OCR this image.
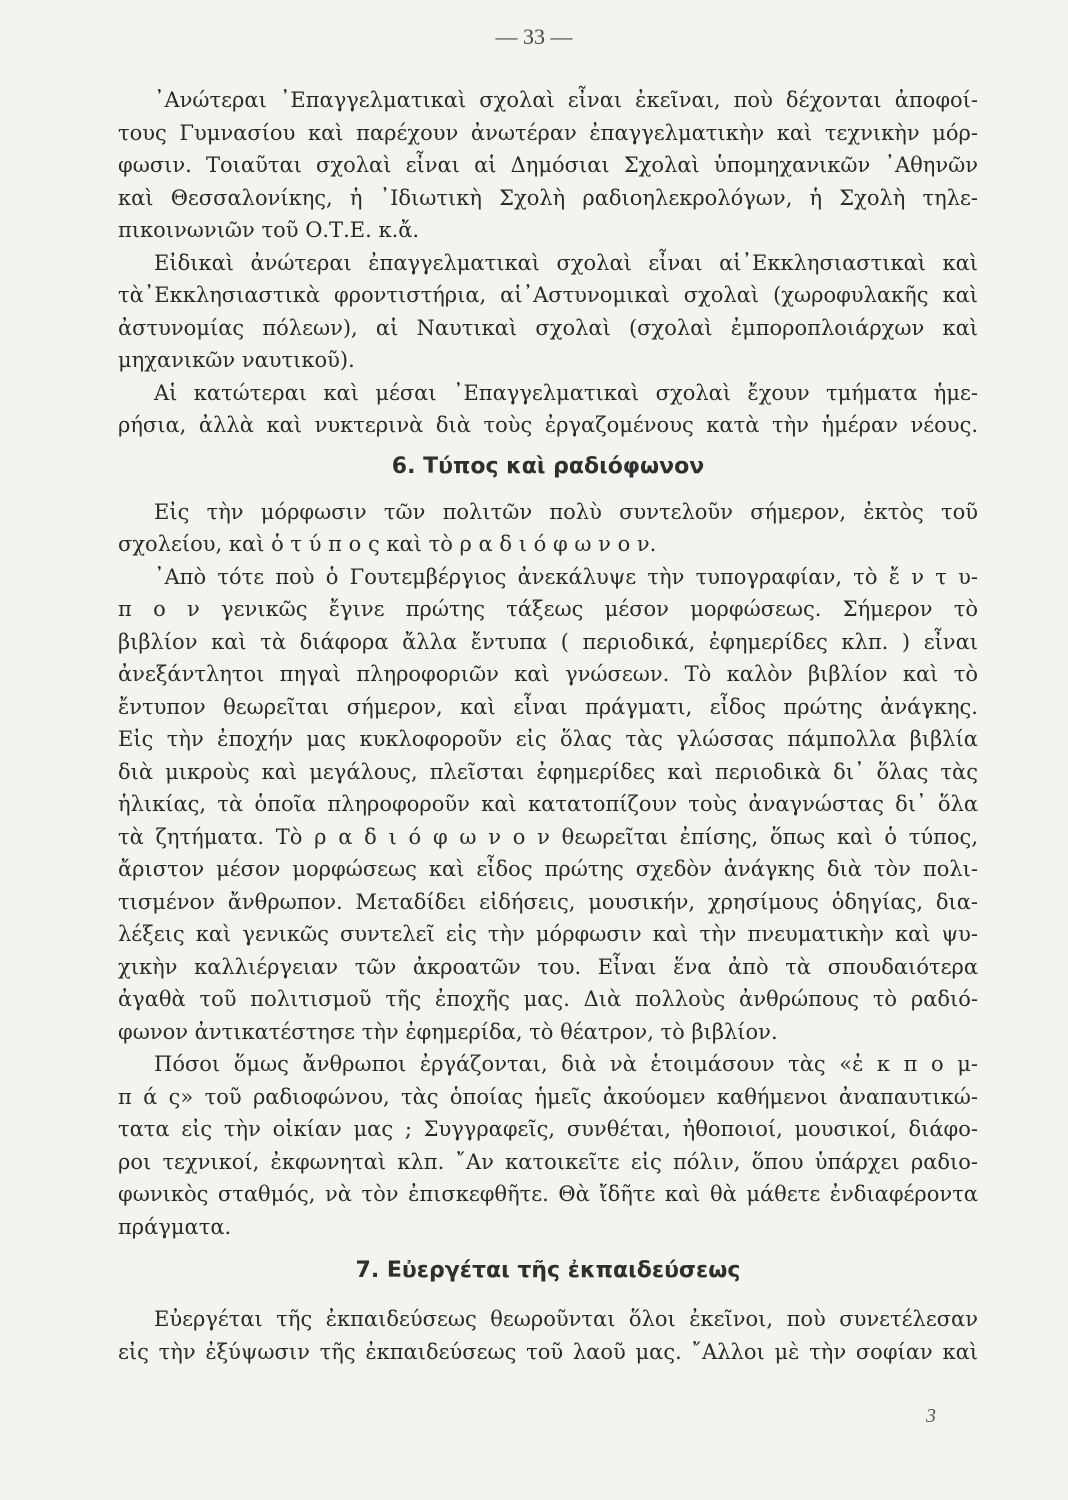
— 33 —
᾿Ανώτεραι ᾿Επαγγελματικαὶ σχολαὶ εἶναι ἐκεῖναι, ποὺ δέχονται ἀποφοί-
τους Γυμνασίου καὶ παρέχουν ἀνωτέραν ἐπαγγελματικὴν καὶ τεχνικὴν μόρ-
φωσιν. Τοιαῦται σχολαὶ εἶναι αἱ Δημόσιαι Σχολαὶ ὑπομηχανικῶν ᾿Αθηνῶν
καὶ Θεσσαλονίκης, ἡ ᾿Ιδιωτικὴ Σχολὴ ραδιοηλεκρολόγων, ἡ Σχολὴ τηλε-
πικοινωνιῶν τοῦ Ο.Τ.Ε. κ.ἄ.
Εἰδικαὶ ἀνώτεραι ἐπαγγελματικαὶ σχολαὶ εἶναι αἱ᾿Εκκλησιαστικαὶ καὶ
τὰ᾿Εκκλησιαστικὰ φροντιστήρια, αἱ᾿Αστυνομικαὶ σχολαὶ (χωροφυλακῆς καὶ
ἀστυνομίας πόλεων), αἱ Ναυτικαὶ σχολαὶ (σχολαὶ ἐμποροπλοιάρχων καὶ
μηχανικῶν ναυτικοῦ).
Αἱ κατώτεραι καὶ μέσαι ᾿Επαγγελματικαὶ σχολαὶ ἔχουν τμήματα ἡμε-
ρήσια, ἀλλὰ καὶ νυκτερινὰ διὰ τοὺς ἐργαζομένους κατὰ τὴν ἡμέραν νέους.
6. Τύπος καὶ ραδιόφωνον
Εἰς τὴν μόρφωσιν τῶν πολιτῶν πολὺ συντελοῦν σήμερον, ἐκτὸς τοῦ
σχολείου, καὶ ὁ τ ύ π ο ς καὶ τὸ ρ α δ ι ό φ ω ν ο ν.
᾿Απὸ τότε ποὺ ὁ Γουτεμβέργιος ἀνεκάλυψε τὴν τυπογραφίαν, τὸ ἔ ν τ υ-
π ο ν γενικῶς ἔγινε πρώτης τάξεως μέσον μορφώσεως. Σήμερον τὸ
βιβλίον καὶ τὰ διάφορα ἄλλα ἔντυπα ( περιοδικά, ἐφημερίδες κλπ. ) εἶναι
ἀνεξάντλητοι πηγαὶ πληροφοριῶν καὶ γνώσεων. Τὸ καλὸν βιβλίον καὶ τὸ
ἔντυπον θεωρεῖται σήμερον, καὶ εἶναι πράγματι, εἶδος πρώτης ἀνάγκης.
Εἰς τὴν ἐποχήν μας κυκλοφοροῦν εἰς ὅλας τὰς γλώσσας πάμπολλα βιβλία
διὰ μικροὺς καὶ μεγάλους, πλεῖσται ἐφημερίδες καὶ περιοδικὰ δι᾿ ὅλας τὰς
ἡλικίας, τὰ ὁποῖα πληροφοροῦν καὶ κατατοπίζουν τοὺς ἀναγνώστας δι᾿ ὅλα
τὰ ζητήματα. Τὸ ρ α δ ι ό φ ω ν ο ν θεωρεῖται ἐπίσης, ὅπως καὶ ὁ τύπος,
ἄριστον μέσον μορφώσεως καὶ εἶδος πρώτης σχεδὸν ἀνάγκης διὰ τὸν πολι-
τισμένον ἄνθρωπον. Μεταδίδει εἰδήσεις, μουσικήν, χρησίμους ὁδηγίας, δια-
λέξεις καὶ γενικῶς συντελεῖ εἰς τὴν μόρφωσιν καὶ τὴν πνευματικὴν καὶ ψυ-
χικὴν καλλιέργειαν τῶν ἀκροατῶν του. Εἶναι ἕνα ἀπὸ τὰ σπουδαιότερα
ἀγαθὰ τοῦ πολιτισμοῦ τῆς ἐποχῆς μας. Διὰ πολλοὺς ἀνθρώπους τὸ ραδιό-
φωνον ἀντικατέστησε τὴν ἐφημερίδα, τὸ θέατρον, τὸ βιβλίον.
Πόσοι ὅμως ἄνθρωποι ἐργάζονται, διὰ νὰ ἑτοιμάσουν τὰς «ἐ κ π ο μ-
π ά ς» τοῦ ραδιοφώνου, τὰς ὁποίας ἡμεῖς ἀκούομεν καθήμενοι ἀναπαυτικώ-
τατα εἰς τὴν οἰκίαν μας ; Συγγραφεῖς, συνθέται, ἠθοποιοί, μουσικοί, διάφο-
ροι τεχνικοί, ἐκφωνηταὶ κλπ. ῎Αν κατοικεῖτε εἰς πόλιν, ὅπου ὑπάρχει ραδιο-
φωνικὸς σταθμός, νὰ τὸν ἐπισκεφθῆτε. Θὰ ἴδῆτε καὶ θὰ μάθετε ἐνδιαφέροντα
πράγματα.
7. Εὐεργέται τῆς ἐκπαιδεύσεως
Εὐεργέται τῆς ἐκπαιδεύσεως θεωροῦνται ὅλοι ἐκεῖνοι, ποὺ συνετέλεσαν
εἰς τὴν ἐξύψωσιν τῆς ἐκπαιδεύσεως τοῦ λαοῦ μας. ῎Αλλοι μὲ τὴν σοφίαν καὶ
3
